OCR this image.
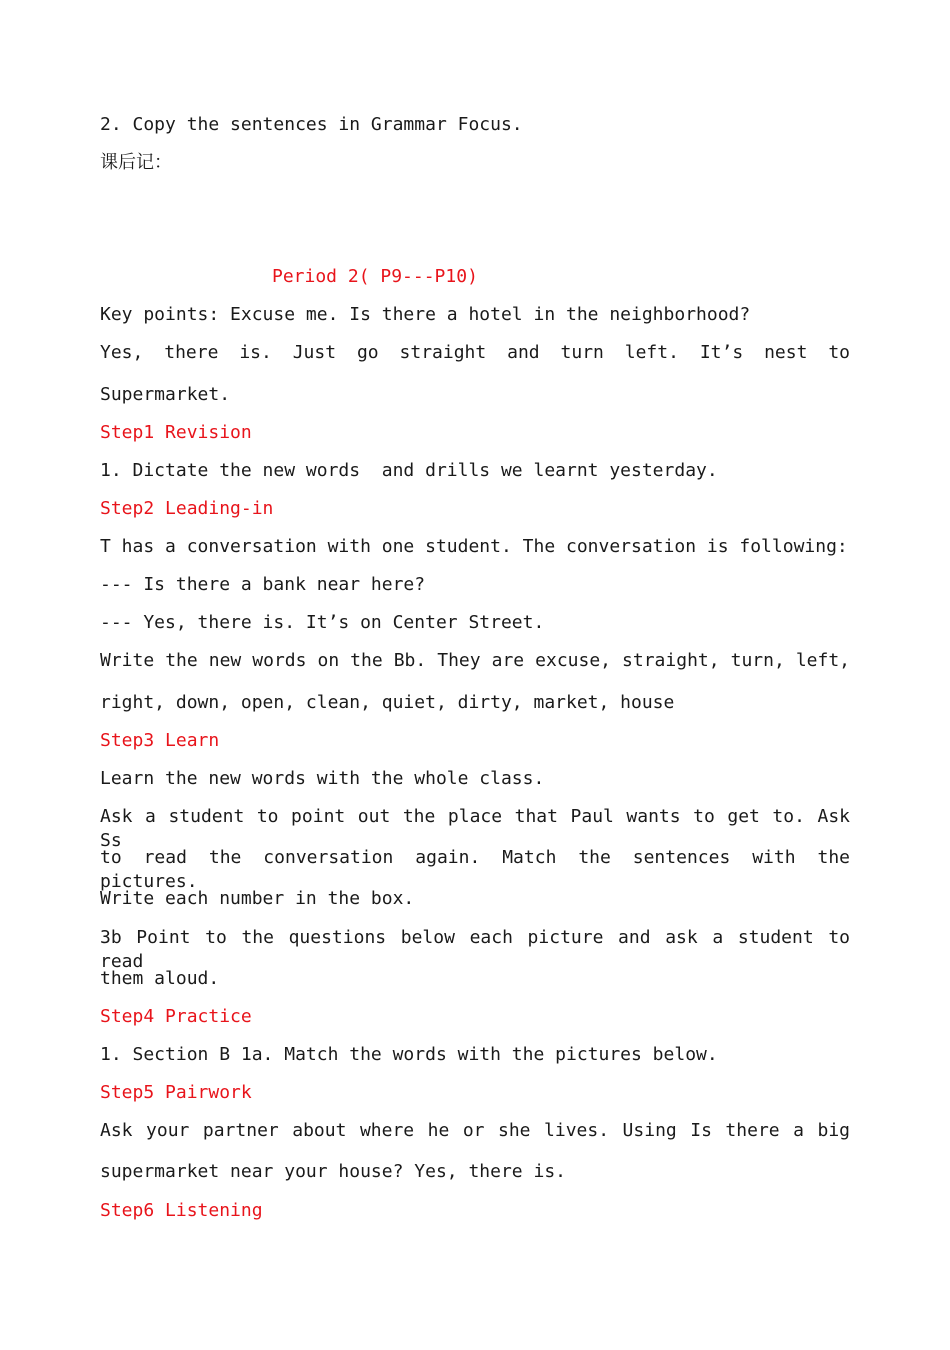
2. Copy the sentences in Grammar Focus.
课后记：
Period 2( P9---P10)
Key points: Excuse me. Is there a hotel in the neighborhood?
Yes, there is. Just go straight and turn left. It’s nest to
Supermarket.
Step1 Revision
1. Dictate the new words  and drills we learnt yesterday.
Step2 Leading-in
T has a conversation with one student. The conversation is following:
--- Is there a bank near here?
--- Yes, there is. It’s on Center Street.
Write the new words on the Bb. They are excuse, straight, turn, left,
right, down, open, clean, quiet, dirty, market, house
Step3 Learn
Learn the new words with the whole class.
Ask a student to point out the place that Paul wants to get to. Ask Ss
to read the conversation again. Match the sentences with the pictures.
Write each number in the box.
3b Point to the questions below each picture and ask a student to read
them aloud.
Step4 Practice
1. Section B 1a. Match the words with the pictures below.
Step5 Pairwork
Ask your partner about where he or she lives. Using Is there a big
supermarket near your house? Yes, there is.
Step6 Listening
